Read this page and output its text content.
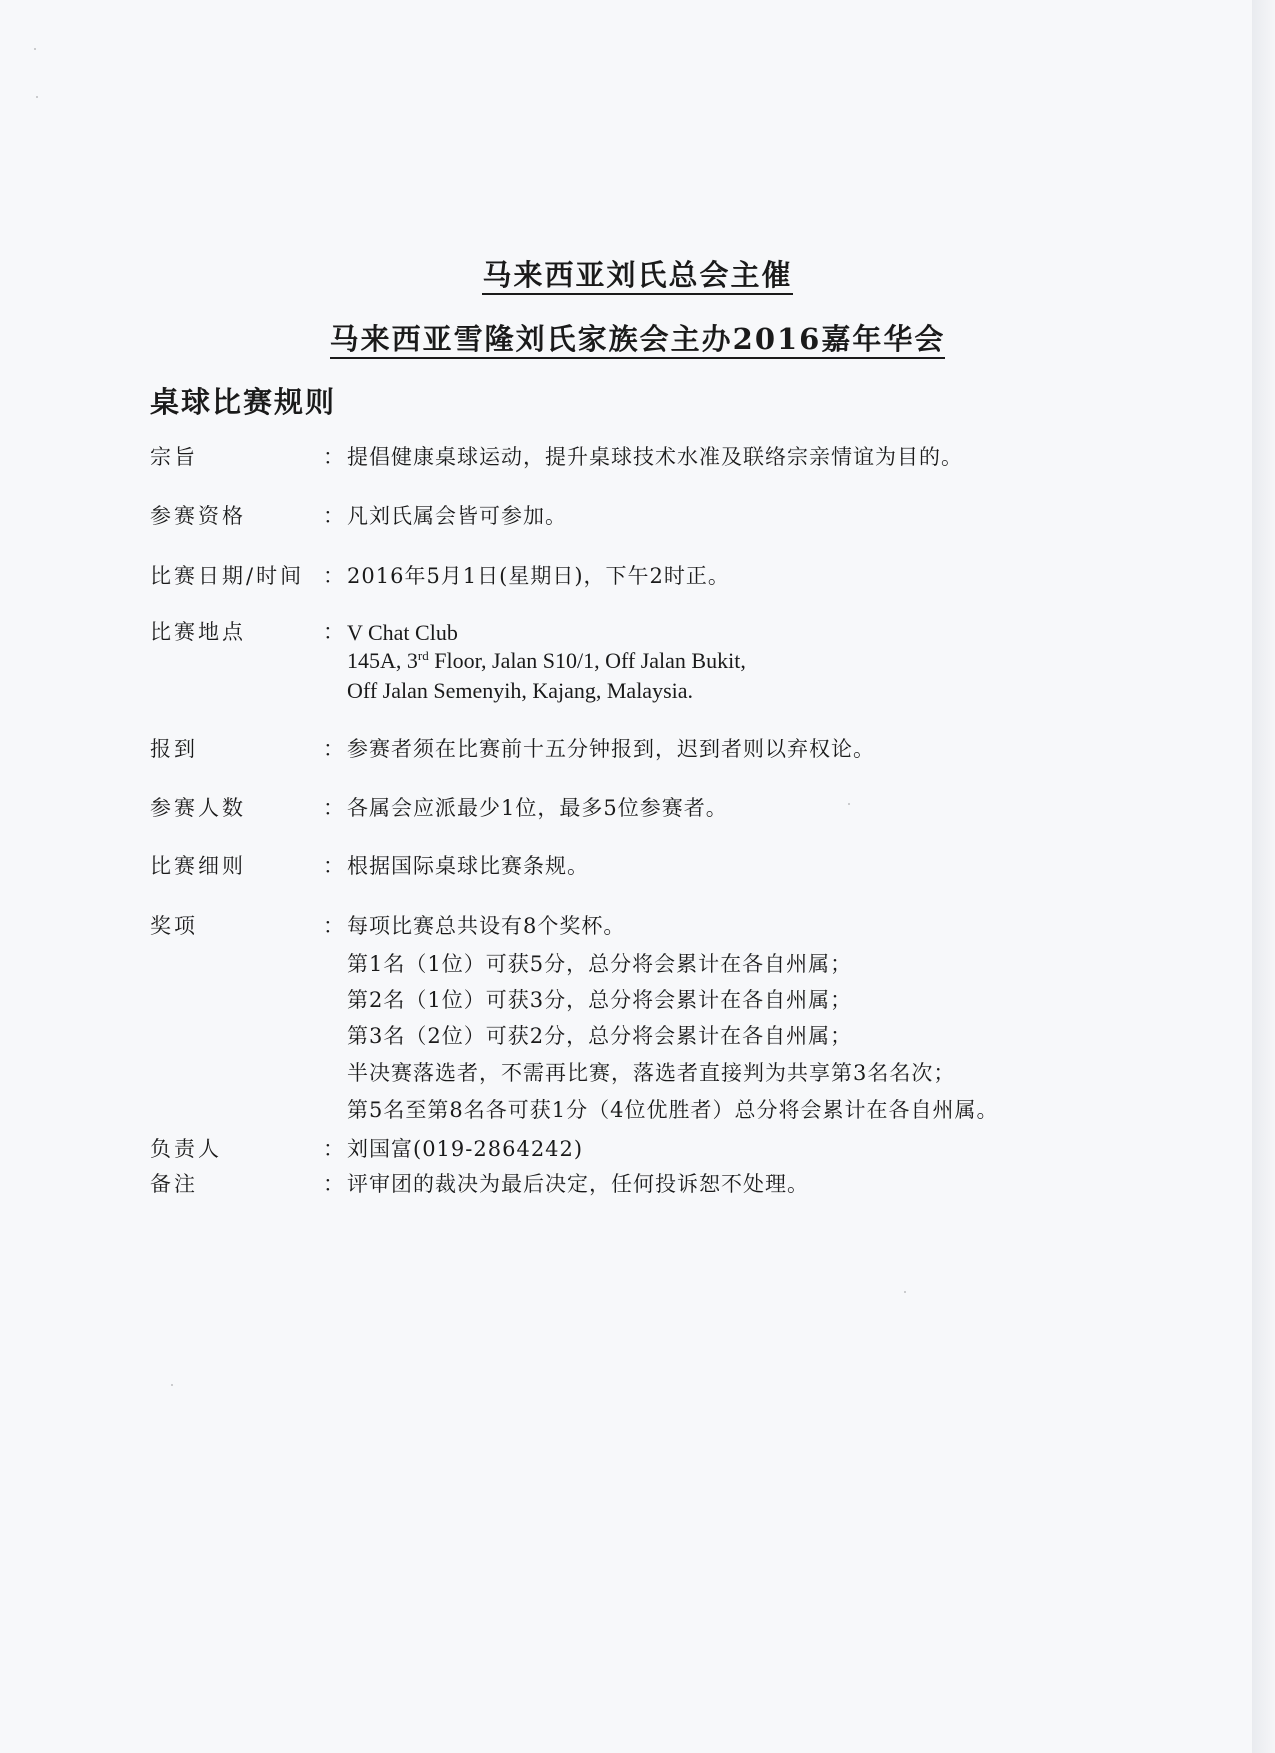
马来西亚刘氏总会主催
马来西亚雪隆刘氏家族会主办2016嘉年华会
桌球比赛规则
宗旨	： 提倡健康桌球运动，提升桌球技术水准及联络宗亲情谊为目的。
参赛资格	： 凡刘氏属会皆可参加。
比赛日期/时间 ： 2016年5月1日(星期日)，下午2时正。
比赛地点	： V Chat Club
145A, 3rd Floor, Jalan S10/1, Off Jalan Bukit,
Off Jalan Semenyih, Kajang, Malaysia.
报到	： 参赛者须在比赛前十五分钟报到，迟到者则以弃权论。
参赛人数	： 各属会应派最少1位，最多5位参赛者。
比赛细则	： 根据国际桌球比赛条规。
奖项	： 每项比赛总共设有8个奖杯。
第1名（1位）可获5分，总分将会累计在各自州属；
第2名（1位）可获3分，总分将会累计在各自州属；
第3名（2位）可获2分，总分将会累计在各自州属；
半决赛落选者，不需再比赛，落选者直接判为共享第3名名次；
第5名至第8名各可获1分（4位优胜者）总分将会累计在各自州属。
负责人	： 刘国富(019-2864242)
备注	： 评审团的裁决为最后决定，任何投诉恕不处理。
